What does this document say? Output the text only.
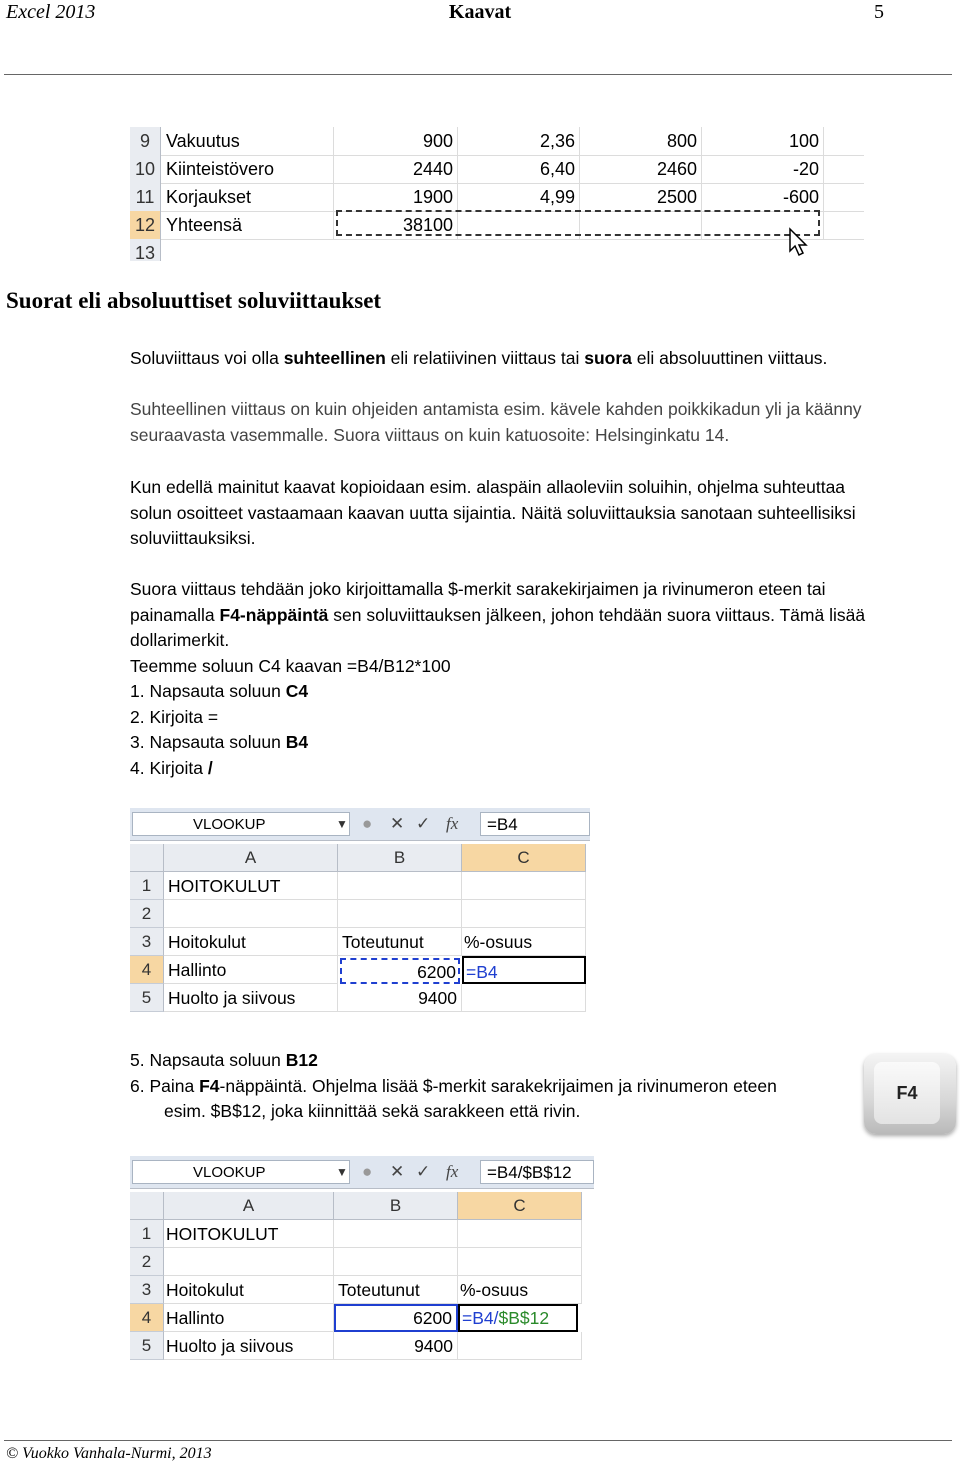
Excel 2013	Kaavat	5
9 Vakuutus	900	2,36	800	100
10 Kiinteistövero	2440	6,40	2460	-20
11 Korjaukset	1900	4,99	2500	-600
12 Yhteensä	38100
13
Suorat eli absoluuttiset soluviittaukset
Soluviittaus voi olla suhteellinen eli relatiivinen viittaus tai suora eli absoluuttinen viittaus.
Suhteellinen viittaus on kuin ohjeiden antamista esim. kävele kahden poikkikadun yli ja käänny
seuraavasta vasemmalle. Suora viittaus on kuin katuosoite: Helsinginkatu 14.
Kun edellä mainitut kaavat kopioidaan esim. alaspäin allaoleviin soluihin, ohjelma suhteuttaa
solun osoitteet vastaamaan kaavan uutta sijaintia. Näitä soluviittauksia sanotaan suhteellisiksi
soluviittauksiksi.
Suora viittaus tehdään joko kirjoittamalla $-merkit sarakekirjaimen ja rivinumeron eteen tai
painamalla F4-näppäintä sen soluviittauksen jälkeen, johon tehdään suora viittaus. Tämä lisää
dollarimerkit.
Teemme soluun C4 kaavan =B4/B12*100
1. Napsauta soluun C4
2. Kirjoita =
3. Napsauta soluun B4
4. Kirjoita /
VLOOKUP	▼ ● ✕ ✓ fx	=B4
A	B	C
1 HOITOKULUT
2
3 Hoitokulut	Toteutunut	%-osuus
4 Hallinto	6200 =B4
5 Huolto ja siivous	9400
5. Napsauta soluun B12
6. Paina F4-näppäintä. Ohjelma lisää $-merkit sarakekrijaimen ja rivinumeron eteen
esim. $B$12, joka kiinnittää sekä sarakkeen että rivin.
F4
VLOOKUP	▼ ● ✕ ✓ fx	=B4/$B$12
A	B	C
1 HOITOKULUT
2
3 Hoitokulut	Toteutunut	%-osuus
4 Hallinto	6200 =B4/$B$12
5 Huolto ja siivous	9400
© Vuokko Vanhala-Nurmi, 2013
